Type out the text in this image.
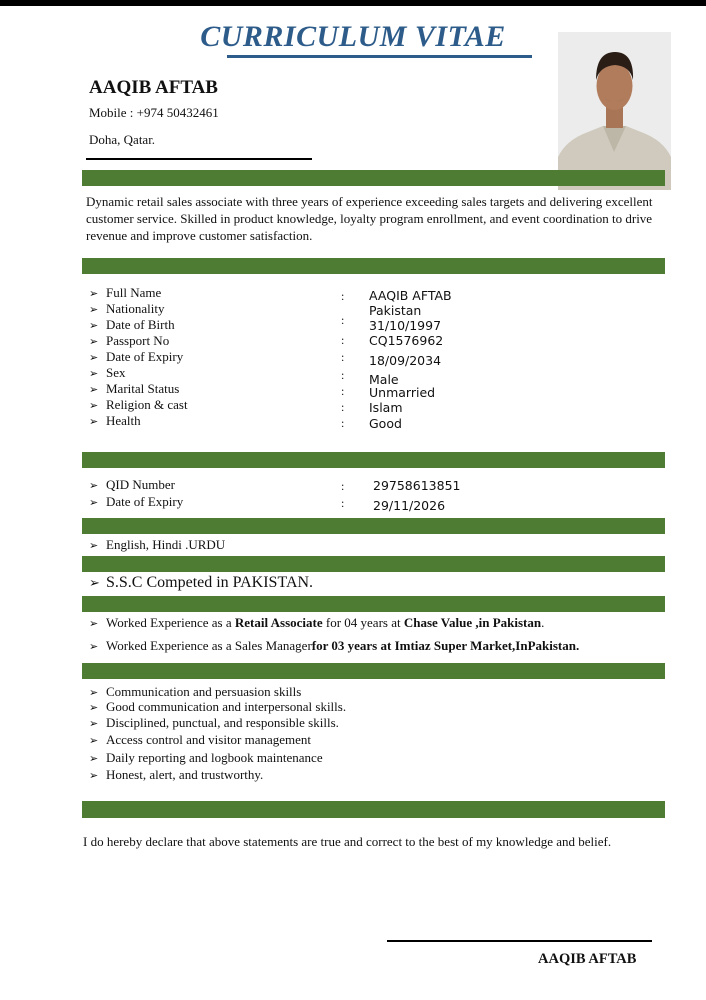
CURRICULUM VITAE
AAQIB AFTAB
Mobile : +974 50432461
Doha, Qatar.
Dynamic retail sales associate with three years of experience exceeding sales targets and delivering excellent customer service. Skilled in product knowledge, loyalty program enrollment, and event coordination to drive revenue and improve customer satisfaction.
➢ Full Name
➢ Nationality
➢ Date of Birth
➢ Passport No
➢ Date of Expiry
➢ Sex
➢ Marital Status
➢ Religion & cast
➢ Health
:
:
:
:
:
:
:
:
AAQIB AFTAB
Pakistan
31/10/1997
CQ1576962
18/09/2034
Male
Unmarried
Islam
Good
➢ QID Number
➢ Date of Expiry
:
:
29758613851
29/11/2026
➢ English, Hindi .URDU
➢ S.S.C Competed in PAKISTAN.
➢ Worked Experience as a Retail Associate for 04 years at Chase Value ,in Pakistan.
➢ Worked Experience as a Sales Managerfor 03 years at Imtiaz Super Market,InPakistan.
➢ Communication and persuasion skills
➢ Good communication and interpersonal skills.
➢ Disciplined, punctual, and responsible skills.
➢ Access control and visitor management
➢ Daily reporting and logbook maintenance
➢ Honest, alert, and trustworthy.
I do hereby declare that above statements are true and correct to the best of my knowledge and belief.
AAQIB AFTAB
